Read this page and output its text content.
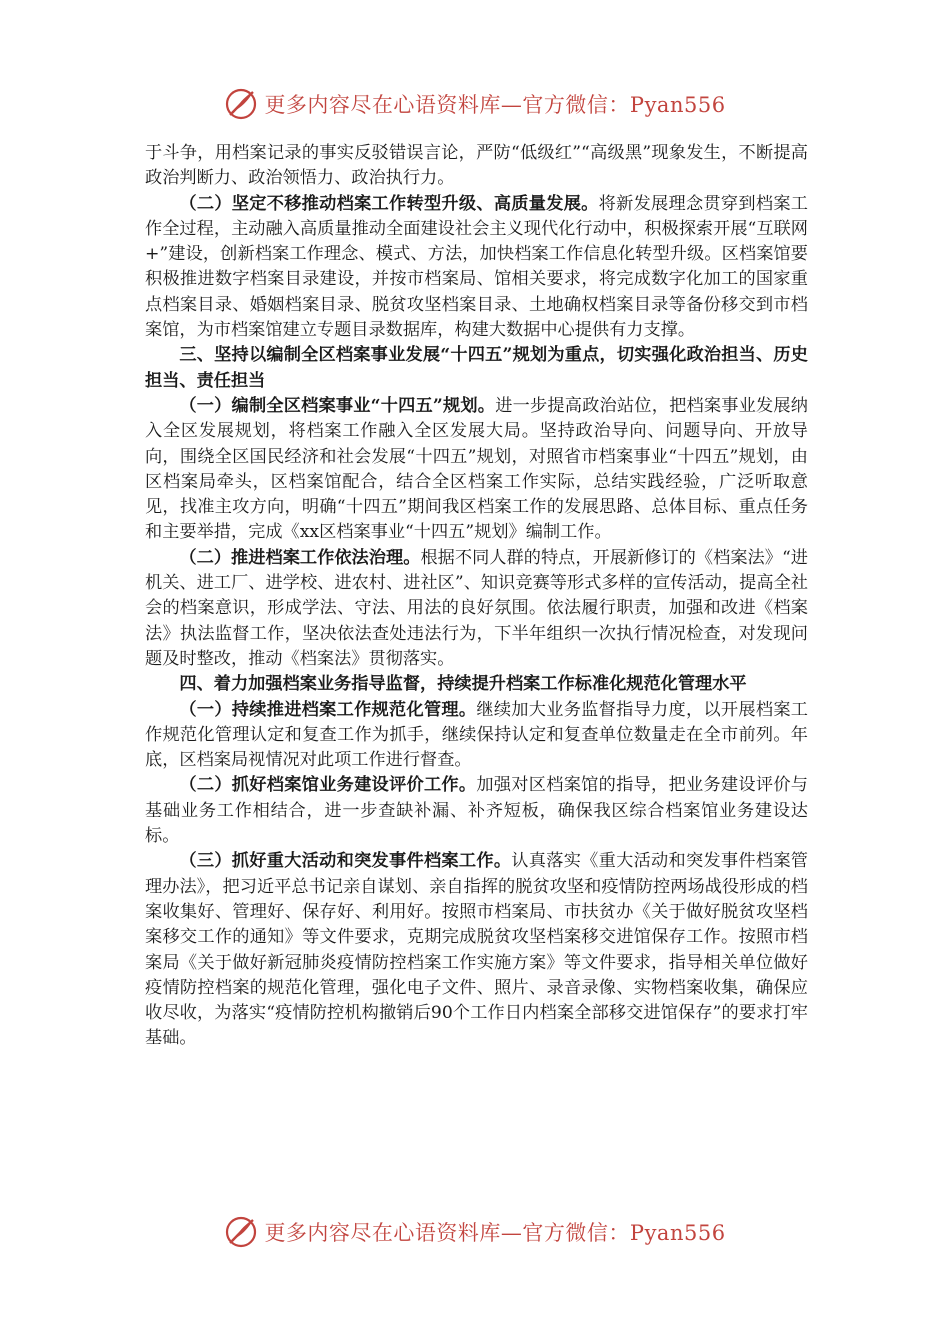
更多内容尽在心语资料库—官方微信：Pyan556

于斗争，用档案记录的事实反驳错误言论，严防“低级红”“高级黑”现象发生，不断提高政治判断力、政治领悟力、政治执行力。

（二）坚定不移推动档案工作转型升级、高质量发展。将新发展理念贯穿到档案工作全过程，主动融入高质量推动全面建设社会主义现代化行动中，积极探索开展“互联网+”建设，创新档案工作理念、模式、方法，加快档案工作信息化转型升级。区档案馆要积极推进数字档案目录建设，并按市档案局、馆相关要求，将完成数字化加工的国家重点档案目录、婚姻档案目录、脱贫攻坚档案目录、土地确权档案目录等备份移交到市档案馆，为市档案馆建立专题目录数据库，构建大数据中心提供有力支撑。

三、坚持以编制全区档案事业发展“十四五”规划为重点，切实强化政治担当、历史担当、责任担当

（一）编制全区档案事业“十四五”规划。进一步提高政治站位，把档案事业发展纳入全区发展规划，将档案工作融入全区发展大局。坚持政治导向、问题导向、开放导向，围绕全区国民经济和社会发展“十四五”规划，对照省市档案事业“十四五”规划，由区档案局牵头，区档案馆配合，结合全区档案工作实际，总结实践经验，广泛听取意见，找准主攻方向，明确“十四五”期间我区档案工作的发展思路、总体目标、重点任务和主要举措，完成《xx区档案事业“十四五”规划》编制工作。

（二）推进档案工作依法治理。根据不同人群的特点，开展新修订的《档案法》“进机关、进工厂、进学校、进农村、进社区”、知识竞赛等形式多样的宣传活动，提高全社会的档案意识，形成学法、守法、用法的良好氛围。依法履行职责，加强和改进《档案法》执法监督工作，坚决依法查处违法行为，下半年组织一次执行情况检查，对发现问题及时整改，推动《档案法》贯彻落实。

四、着力加强档案业务指导监督，持续提升档案工作标准化规范化管理水平

（一）持续推进档案工作规范化管理。继续加大业务监督指导力度，以开展档案工作规范化管理认定和复查工作为抓手，继续保持认定和复查单位数量走在全市前列。年底，区档案局视情况对此项工作进行督查。

（二）抓好档案馆业务建设评价工作。加强对区档案馆的指导，把业务建设评价与基础业务工作相结合，进一步查缺补漏、补齐短板，确保我区综合档案馆业务建设达标。

（三）抓好重大活动和突发事件档案工作。认真落实《重大活动和突发事件档案管理办法》，把习近平总书记亲自谋划、亲自指挥的脱贫攻坚和疫情防控两场战役形成的档案收集好、管理好、保存好、利用好。按照市档案局、市扶贫办《关于做好脱贫攻坚档案移交工作的通知》等文件要求，克期完成脱贫攻坚档案移交进馆保存工作。按照市档案局《关于做好新冠肺炎疫情防控档案工作实施方案》等文件要求，指导相关单位做好疫情防控档案的规范化管理，强化电子文件、照片、录音录像、实物档案收集，确保应收尽收，为落实“疫情防控机构撤销后90个工作日内档案全部移交进馆保存”的要求打牢基础。

更多内容尽在心语资料库—官方微信：Pyan556
